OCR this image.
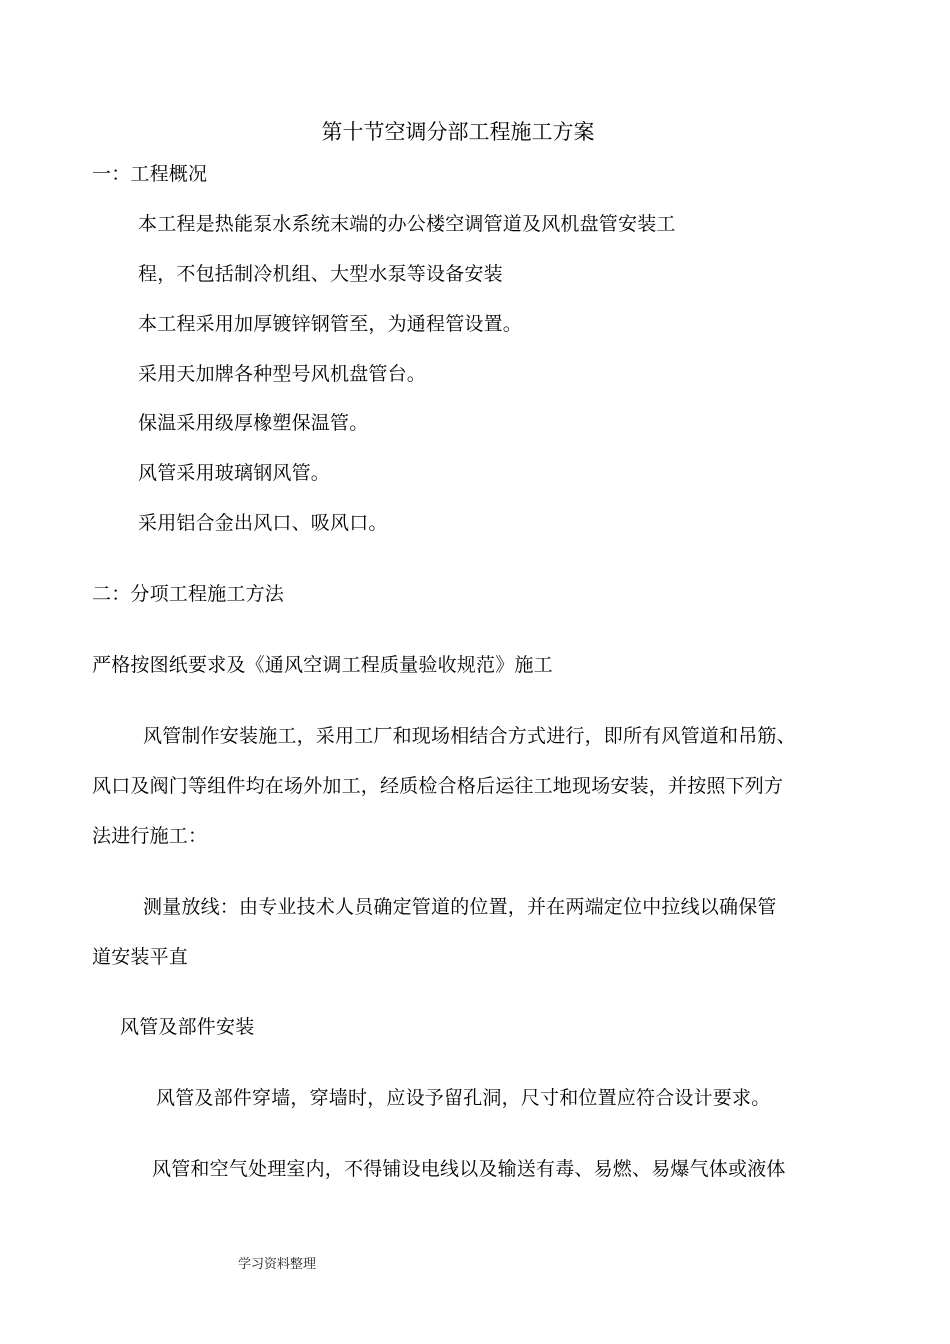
第十节空调分部工程施工方案
一：工程概况
本工程是热能泵水系统末端的办公楼空调管道及风机盘管安装工
程，不包括制冷机组、大型水泵等设备安装
本工程采用加厚镀锌钢管至，为通程管设置。
采用天加牌各种型号风机盘管台。
保温采用级厚橡塑保温管。
风管采用玻璃钢风管。
采用铝合金出风口、吸风口。
二：分项工程施工方法
严格按图纸要求及《通风空调工程质量验收规范》施工
风管制作安装施工，采用工厂和现场相结合方式进行，即所有风管道和吊筋、
风口及阀门等组件均在场外加工，经质检合格后运往工地现场安装，并按照下列方
法进行施工：
测量放线：由专业技术人员确定管道的位置，并在两端定位中拉线以确保管
道安装平直
风管及部件安装
风管及部件穿墙，穿墙时，应设予留孔洞，尺寸和位置应符合设计要求。
风管和空气处理室内，不得铺设电线以及输送有毒、易燃、易爆气体或液体
学习资料整理
